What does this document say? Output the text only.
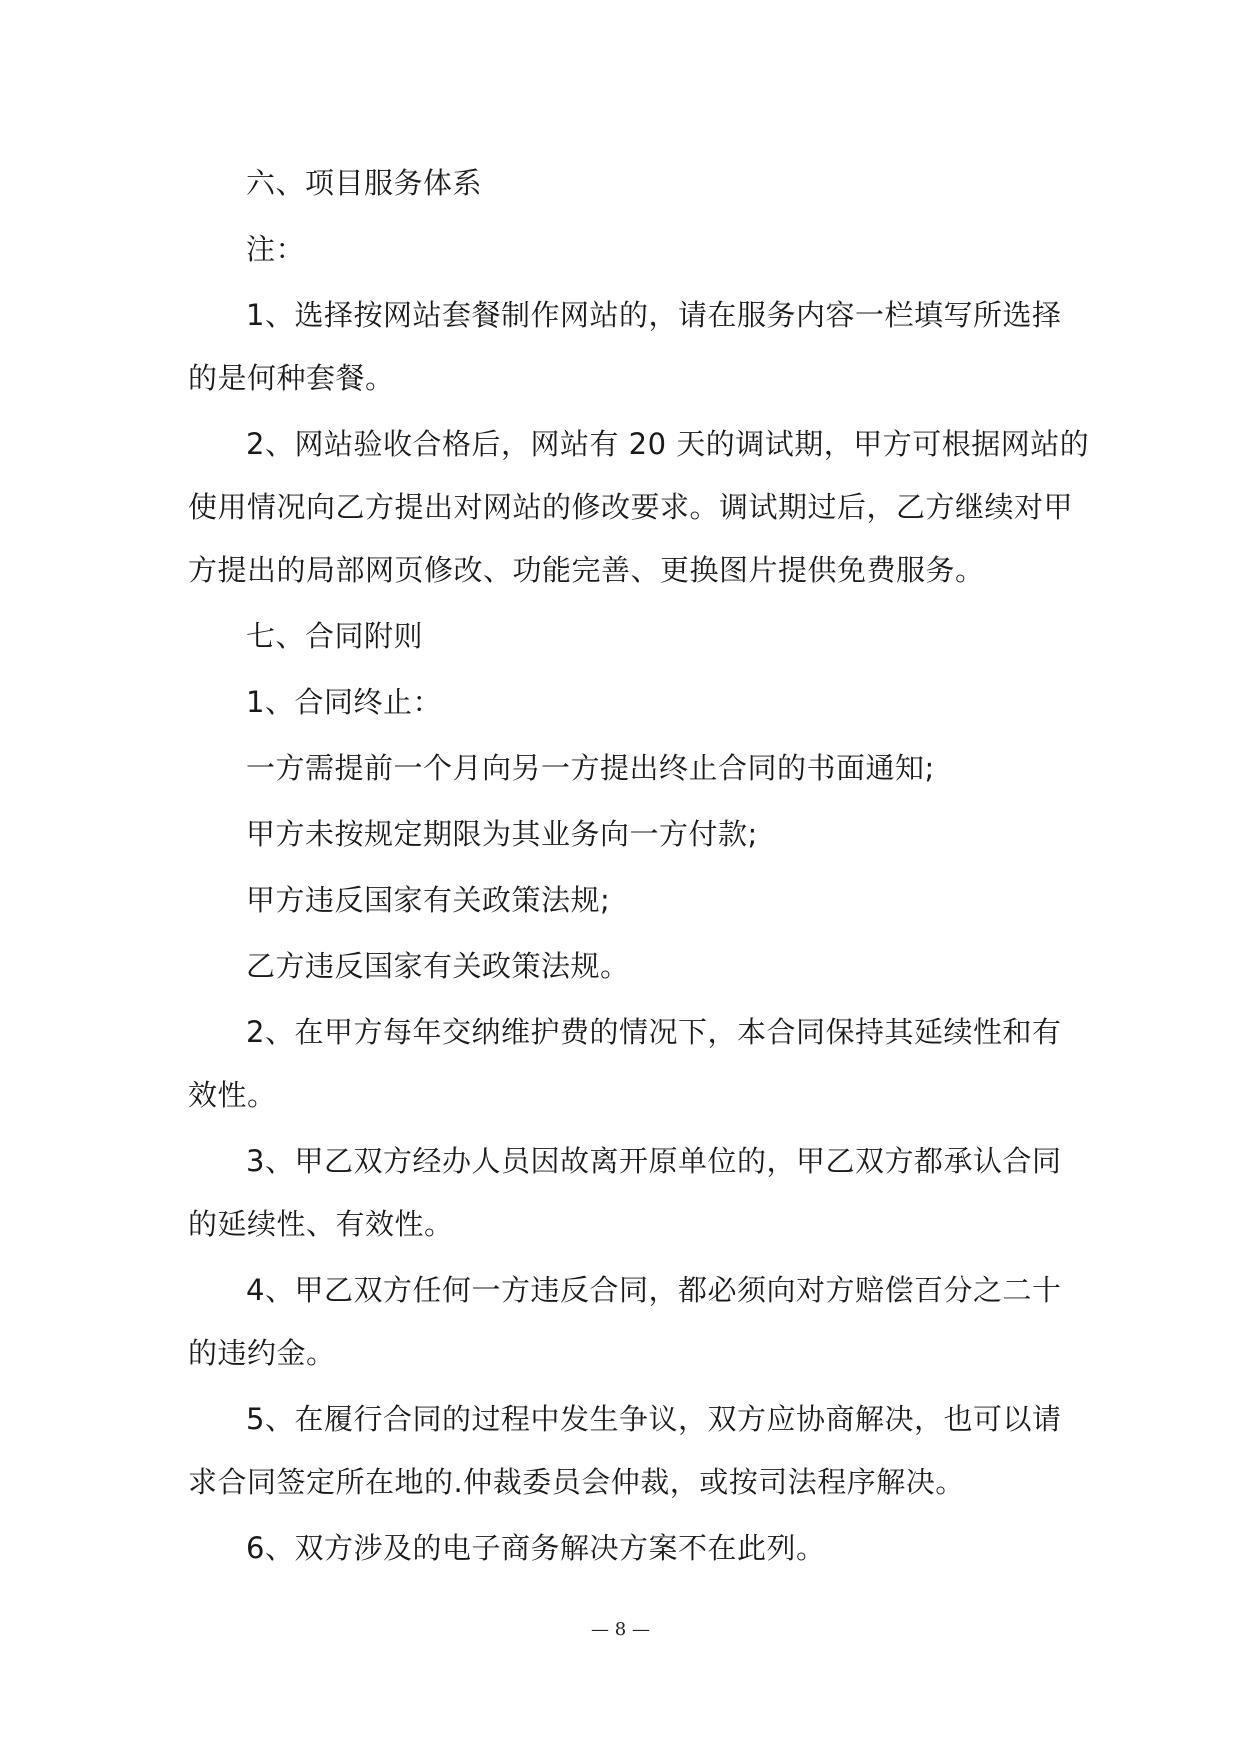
六、项目服务体系
注：
1、选择按网站套餐制作网站的，请在服务内容一栏填写所选择
的是何种套餐。
2、网站验收合格后，网站有 20 天的调试期，甲方可根据网站的
使用情况向乙方提出对网站的修改要求。调试期过后，乙方继续对甲
方提出的局部网页修改、功能完善、更换图片提供免费服务。
七、合同附则
1、合同终止：
一方需提前一个月向另一方提出终止合同的书面通知;
甲方未按规定期限为其业务向一方付款;
甲方违反国家有关政策法规;
乙方违反国家有关政策法规。
2、在甲方每年交纳维护费的情况下，本合同保持其延续性和有
效性。
3、甲乙双方经办人员因故离开原单位的，甲乙双方都承认合同
的延续性、有效性。
4、甲乙双方任何一方违反合同，都必须向对方赔偿百分之二十
的违约金。
5、在履行合同的过程中发生争议，双方应协商解决，也可以请
求合同签定所在地的.仲裁委员会仲裁，或按司法程序解决。
6、双方涉及的电子商务解决方案不在此列。
— 8 —
